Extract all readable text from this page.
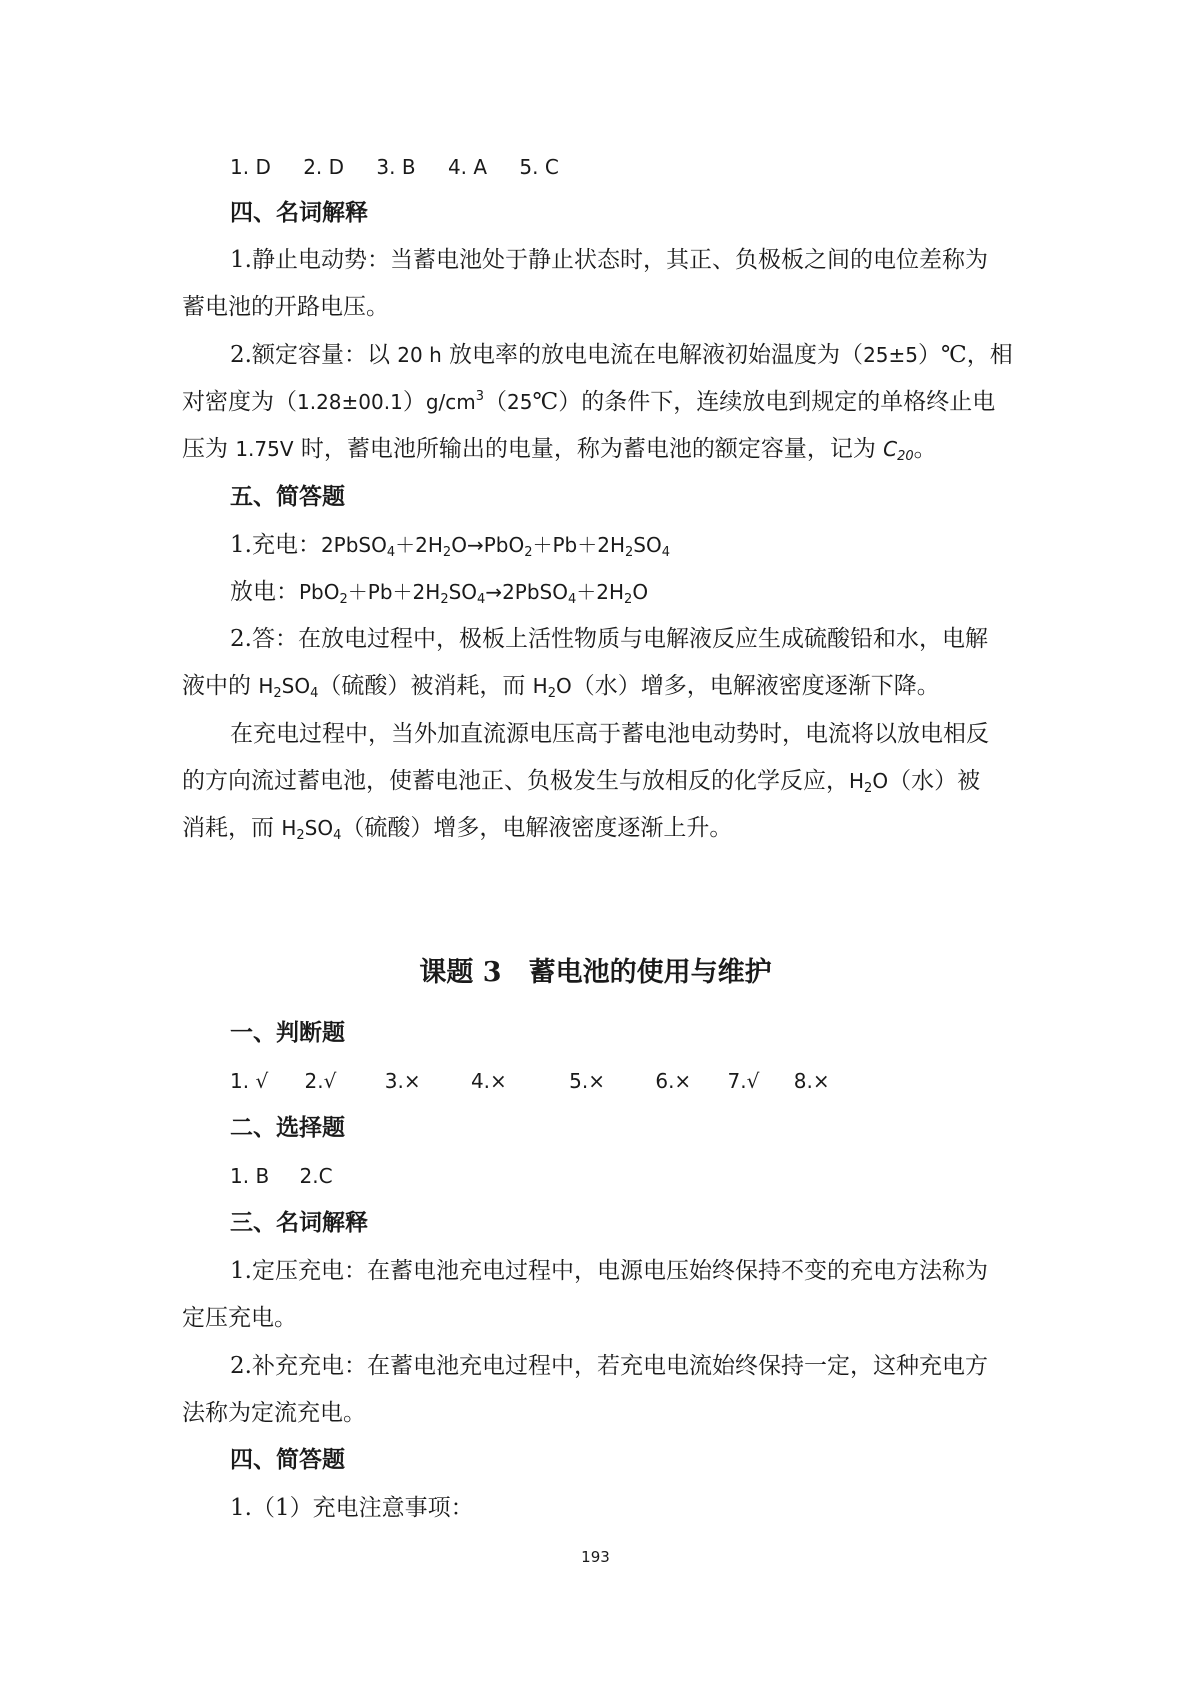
1. D 2. D 3. B 4. A 5. C
四、名词解释
1.静止电动势：当蓄电池处于静止状态时，其正、负极板之间的电位差称为
蓄电池的开路电压。
2.额定容量：以 20 h 放电率的放电电流在电解液初始温度为（25±5）℃，相
对密度为$(1.28\pm 00.1)g/cm^3(25℃)$的条件下，连续放电到规定的单格终止电
压为 1.75V 时，蓄电池所输出的电量，称为蓄电池的额定容量，记为 $C_{20}$。
五、简答题
1.充电：$2PbSO_4+2H_2O\to PbO_2+Pb+2H_2SO_4$
放电：$PbO_2+Pb+2H_2SO_4\to 2PbSO_4+2H_2O$
2.答：在放电过程中，极板上活性物质与电解液反应生成硫酸铅和水，电解
液中的 $H_2SO_4$（硫酸）被消耗，而 $H_2O$（水）增多，电解液密度逐渐下降。
在充电过程中，当外加直流源电压高于蓄电池电动势时，电流将以放电相反
的方向流过蓄电池，使蓄电池正、负极发生与放相反的化学反应，$H_2O$（水）被
消耗，而 $H_2SO_4$（硫酸）增多，电解液密度逐渐上升。
课题 3　蓄电池的使用与维护
一、判断题
1. √ 2.√ 3.×	4.×	5.×	6.× 7.√ 8.×
二、选择题
1. B 2.C
三、名词解释
1.定压充电：在蓄电池充电过程中，电源电压始终保持不变的充电方法称为
定压充电。
2.补充充电：在蓄电池充电过程中，若充电电流始终保持一定，这种充电方
法称为定流充电。
四、简答题
1.（1）充电注意事项：
193
